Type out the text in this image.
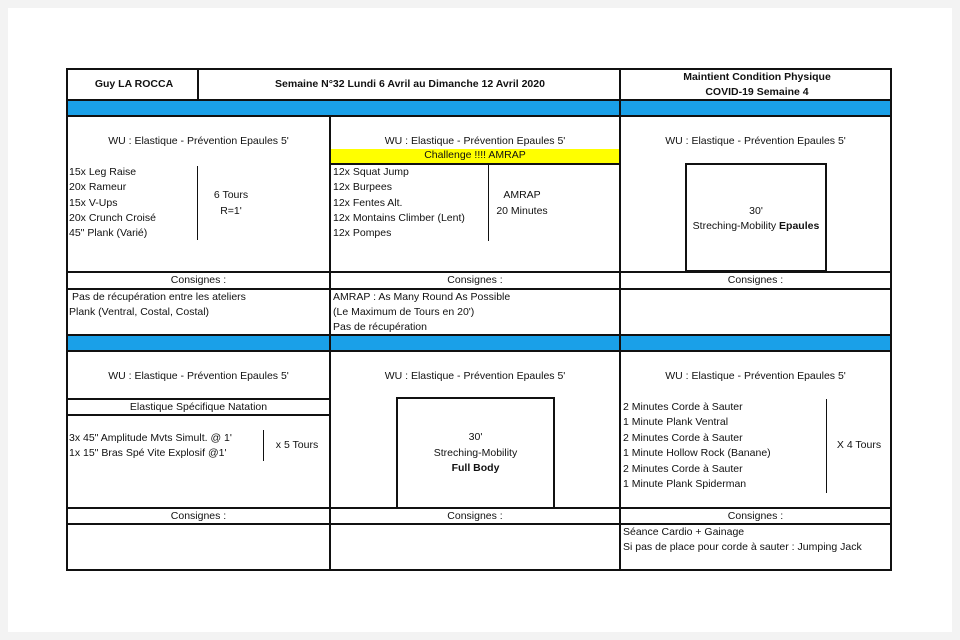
Guy LA ROCCA	Semaine N°32 Lundi 6 Avril au Dimanche 12 Avril 2020
Maintient Condition Physique
COVID-19 Semaine 4
WU : Elastique - Prévention Epaules 5'
15x Leg Raise
20x Rameur
15x V-Ups
20x Crunch Croisé
45" Plank (Varié)
6 Tours
R=1'
Consignes :
Pas de récupération entre les ateliers
Plank (Ventral, Costal, Costal)
WU : Elastique - Prévention Epaules 5'
Challenge !!!! AMRAP
12x Squat Jump
12x Burpees
12x Fentes Alt.
12x Montains Climber (Lent)
12x Pompes
AMRAP
20 Minutes
Consignes :
AMRAP : As Many Round As Possible
(Le Maximum de Tours en 20')
Pas de récupération
WU : Elastique - Prévention Epaules 5'
30'
Streching-Mobility Epaules
Consignes :
WU : Elastique - Prévention Epaules 5'
Elastique Spécifique Natation
3x 45" Amplitude Mvts Simult. @ 1'
1x 15" Bras Spé Vite Explosif @1'
x 5 Tours
Consignes :
WU : Elastique - Prévention Epaules 5'
30'
Streching-Mobility
Full Body
Consignes :
WU : Elastique - Prévention Epaules 5'
2 Minutes Corde à Sauter
1 Minute Plank Ventral
2 Minutes Corde à Sauter
1 Minute Hollow Rock (Banane)
2 Minutes Corde à Sauter
1 Minute Plank Spiderman
X 4 Tours
Consignes :
Séance Cardio + Gainage
Si pas de place pour corde à sauter : Jumping Jack
